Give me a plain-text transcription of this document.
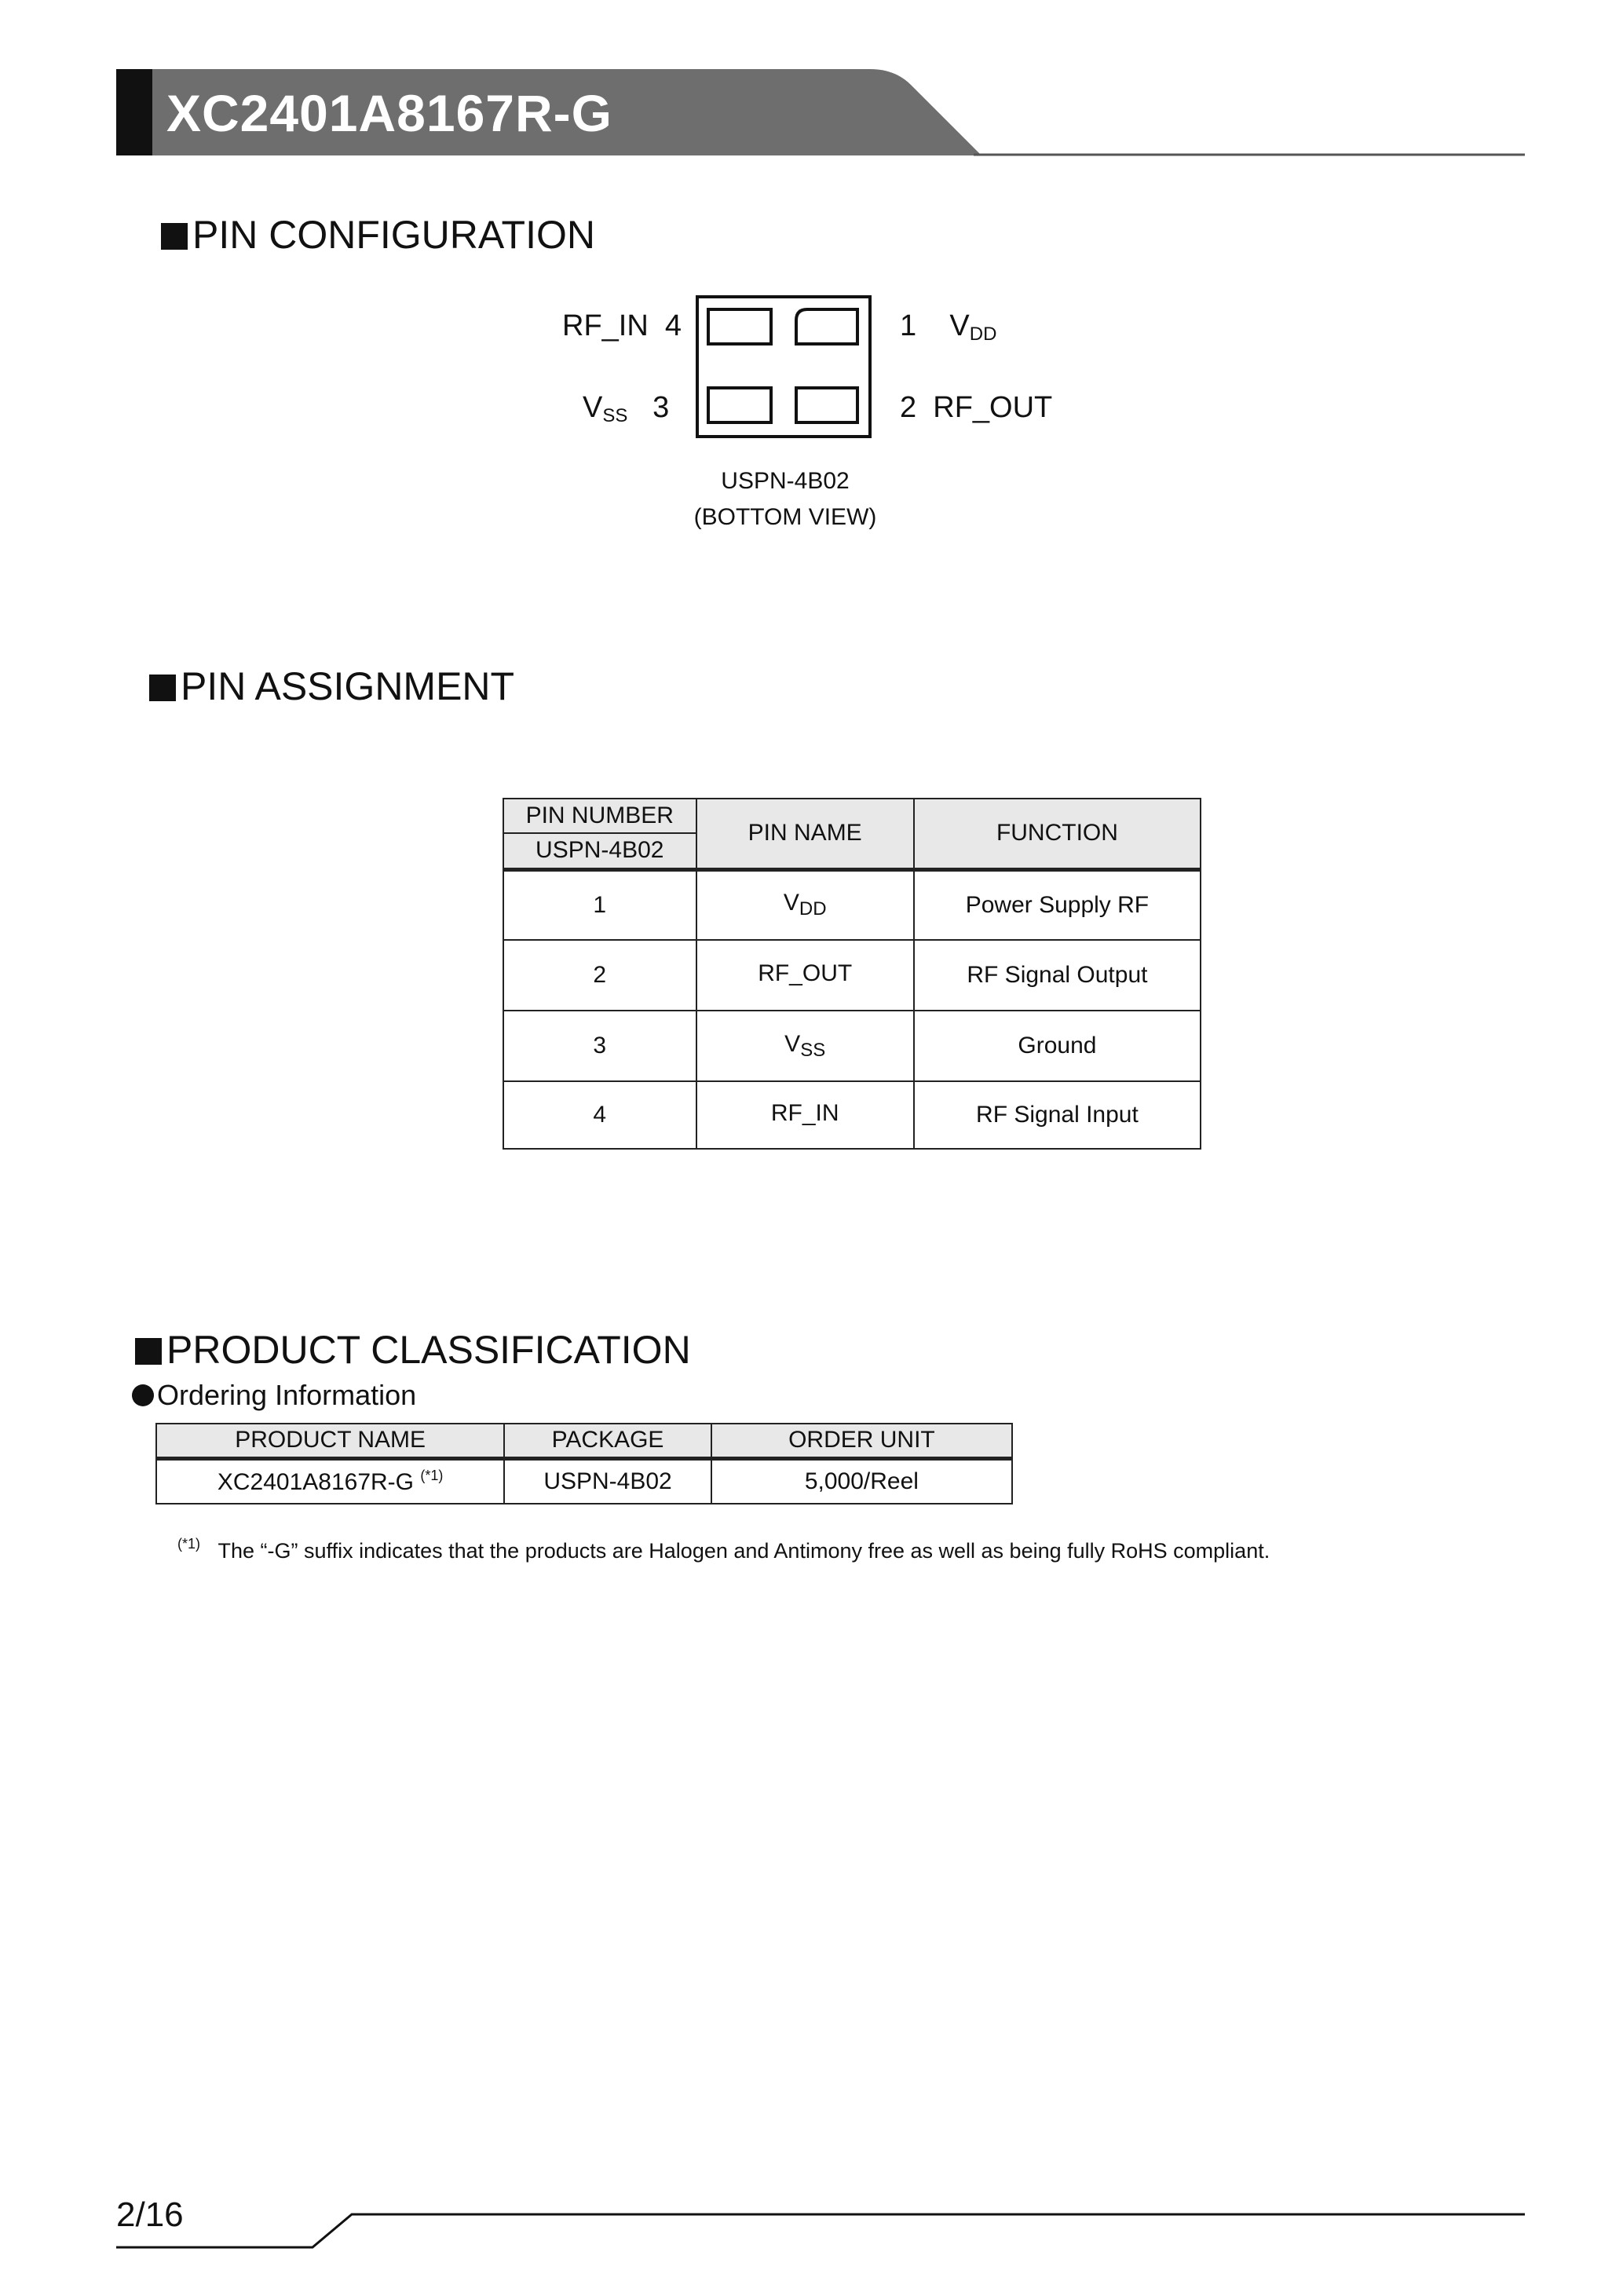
XC2401A8167R-G
PIN CONFIGURATION
RF_IN 4
$V_{SS}$ 3
1 $V_{DD}$
2 RF_OUT
USPN-4B02
(BOTTOM VIEW)
PIN ASSIGNMENT
PIN NUMBER	PIN NAME	FUNCTION
USPN-4B02		
1	$V_{DD}$	Power Supply RF
2	RF_OUT	RF Signal Output
3	$V_{SS}$	Ground
4	RF_IN	RF Signal Input
PRODUCT CLASSIFICATION
Ordering Information
PRODUCT NAME	PACKAGE	ORDER UNIT
XC2401A8167R-G $^{(*1)}$	USPN-4B02	5,000/Reel
$^{(*1)}$ The “-G” suffix indicates that the products are Halogen and Antimony free as well as being fully RoHS compliant.
2/16
